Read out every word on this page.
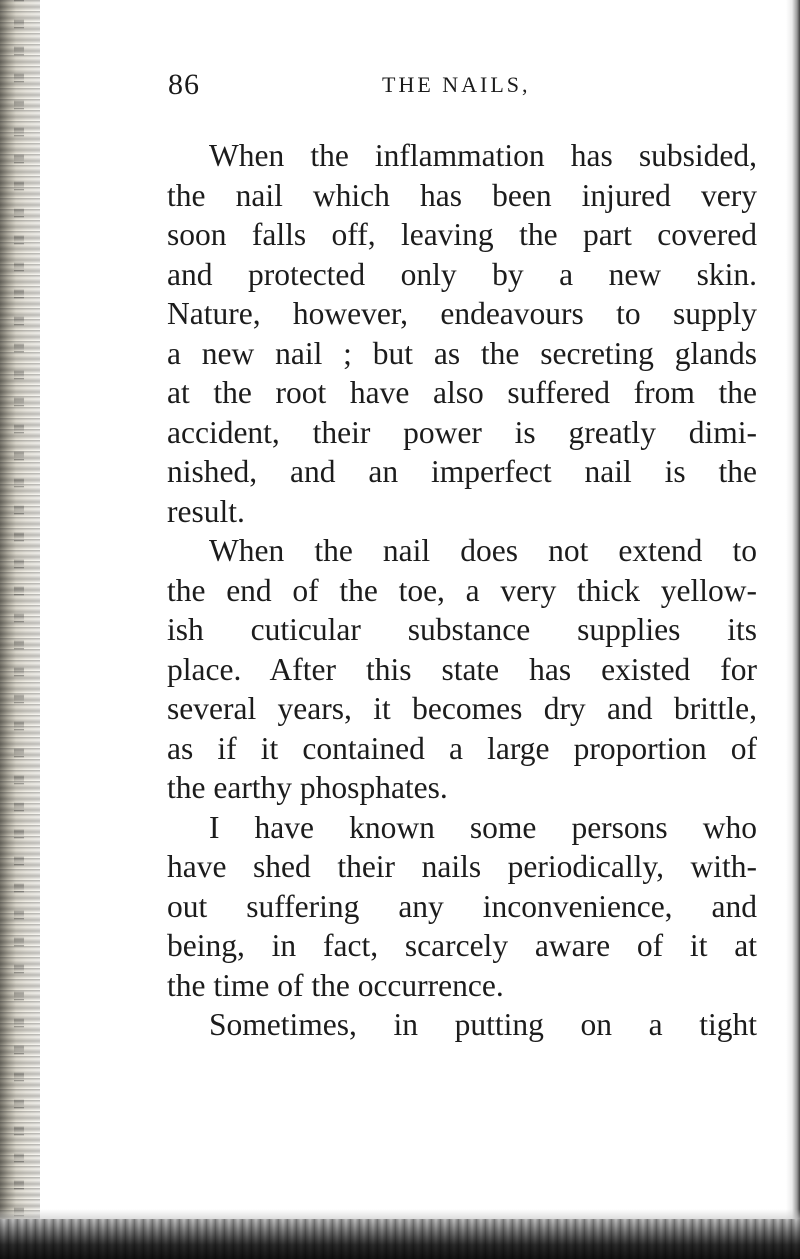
86	THE NAILS,
When the inflammation has subsided,
the nail which has been injured very
soon falls off, leaving the part covered
and protected only by a new skin.
Nature, however, endeavours to supply
a new nail ; but as the secreting glands
at the root have also suffered from the
accident, their power is greatly dimi-
nished, and an imperfect nail is the
result.
When the nail does not extend to
the end of the toe, a very thick yellow-
ish cuticular substance supplies its
place. After this state has existed for
several years, it becomes dry and brittle,
as if it contained a large proportion of
the earthy phosphates.
I have known some persons who
have shed their nails periodically, with-
out suffering any inconvenience, and
being, in fact, scarcely aware of it at
the time of the occurrence.
Sometimes, in putting on a tight
